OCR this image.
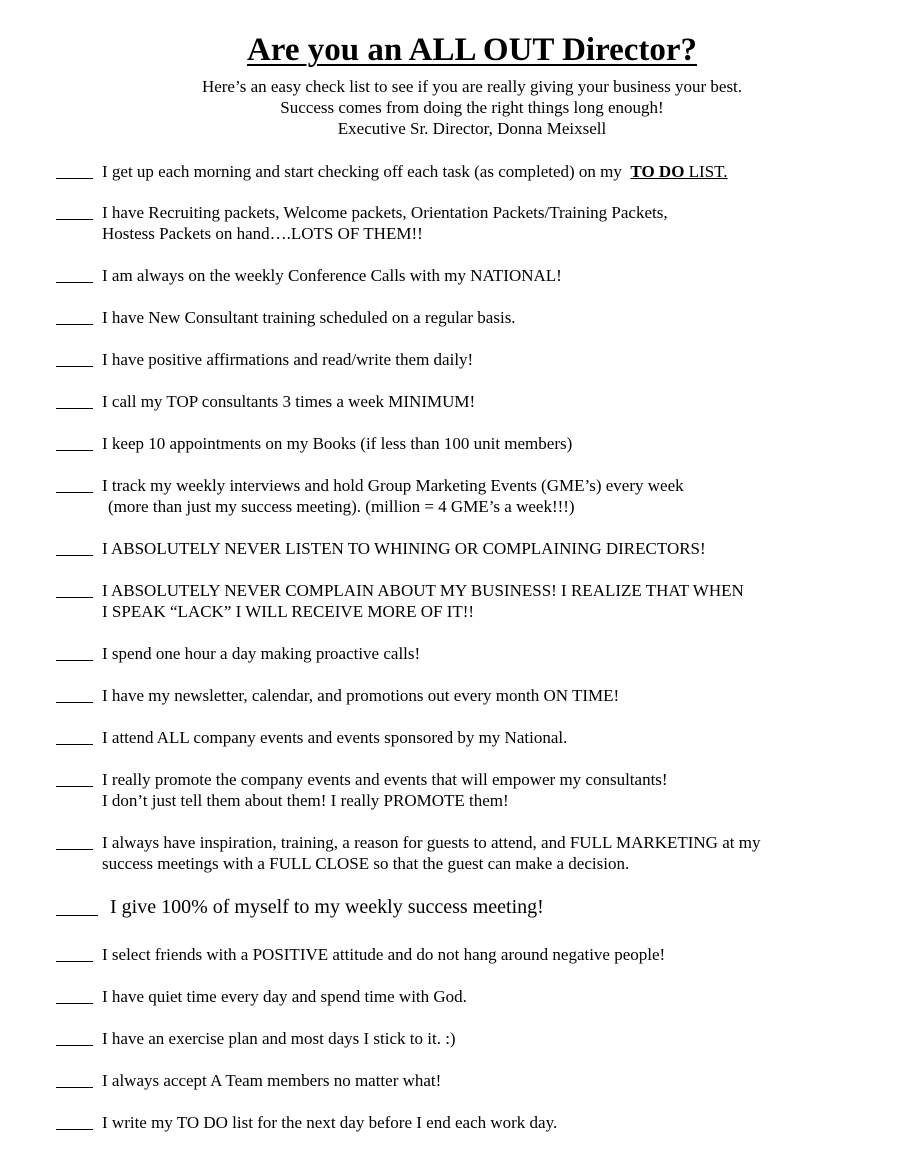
Are you an ALL OUT Director?
Here’s an easy check list to see if you are really giving your business your best.
Success comes from doing the right things long enough!
Executive Sr. Director, Donna Meixsell
I get up each morning and start checking off each task (as completed) on my TO DO LIST.
I have Recruiting packets, Welcome packets, Orientation Packets/Training Packets,
Hostess Packets on hand….LOTS OF THEM!!
I am always on the weekly Conference Calls with my NATIONAL!
I have New Consultant training scheduled on a regular basis.
I have positive affirmations and read/write them daily!
I call my TOP consultants 3 times a week MINIMUM!
I keep 10 appointments on my Books (if less than 100 unit members)
I track my weekly interviews and hold Group Marketing Events (GME’s) every week
(more than just my success meeting). (million = 4 GME’s a week!!!)
I ABSOLUTELY NEVER LISTEN TO WHINING OR COMPLAINING DIRECTORS!
I ABSOLUTELY NEVER COMPLAIN ABOUT MY BUSINESS! I REALIZE THAT WHEN
I SPEAK “LACK” I WILL RECEIVE MORE OF IT!!
I spend one hour a day making proactive calls!
I have my newsletter, calendar, and promotions out every month ON TIME!
I attend ALL company events and events sponsored by my National.
I really promote the company events and events that will empower my consultants!
I don’t just tell them about them! I really PROMOTE them!
I always have inspiration, training, a reason for guests to attend, and FULL MARKETING at my
success meetings with a FULL CLOSE so that the guest can make a decision.
I give 100% of myself to my weekly success meeting!
I select friends with a POSITIVE attitude and do not hang around negative people!
I have quiet time every day and spend time with God.
I have an exercise plan and most days I stick to it. :)
I always accept A Team members no matter what!
I write my TO DO list for the next day before I end each work day.
